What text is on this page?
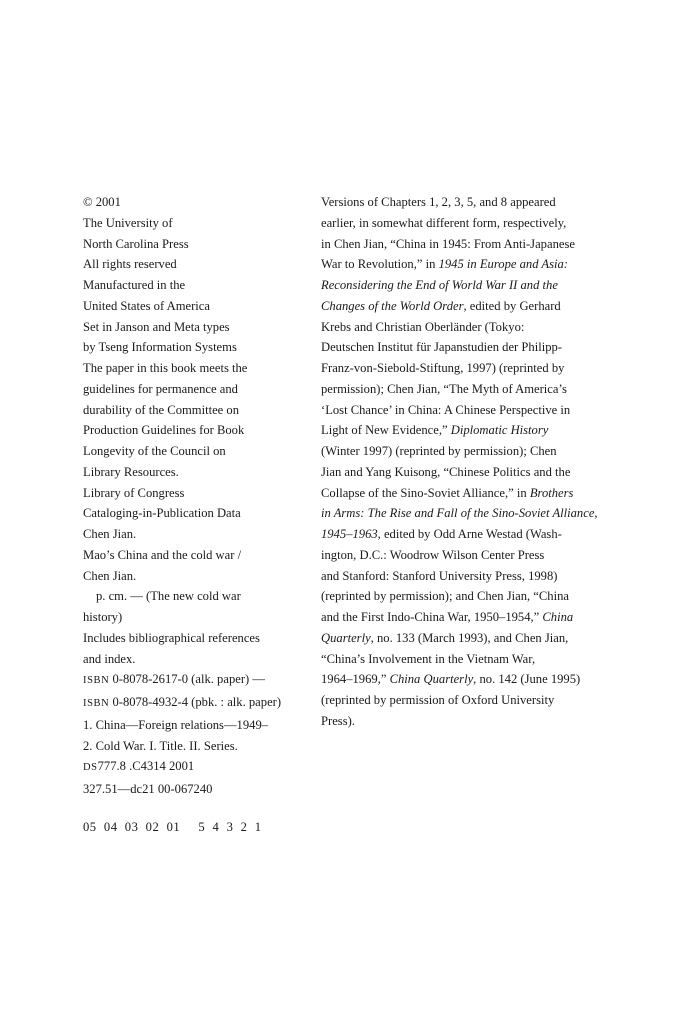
© 2001
The University of
North Carolina Press
All rights reserved
Manufactured in the
United States of America
Set in Janson and Meta types
by Tseng Information Systems
The paper in this book meets the
guidelines for permanence and
durability of the Committee on
Production Guidelines for Book
Longevity of the Council on
Library Resources.
Library of Congress
Cataloging-in-Publication Data
Chen Jian.
Mao’s China and the cold war /
Chen Jian.
p. cm. — (The new cold war
history)
Includes bibliographical references
and index.
ISBN 0-8078-2617-0 (alk. paper) —
ISBN 0-8078-4932-4 (pbk. : alk. paper)
1. China—Foreign relations—1949–
2. Cold War. I. Title. II. Series.
DS777.8 .C4314 2001
327.51—dc21 00-067240
05  04  03  02  01     5  4  3  2  1
Versions of Chapters 1, 2, 3, 5, and 8 appeared
earlier, in somewhat different form, respectively,
in Chen Jian, “China in 1945: From Anti-Japanese
War to Revolution,” in 1945 in Europe and Asia:
Reconsidering the End of World War II and the
Changes of the World Order, edited by Gerhard
Krebs and Christian Oberländer (Tokyo:
Deutschen Institut für Japanstudien der Philipp-
Franz-von-Siebold-Stiftung, 1997) (reprinted by
permission); Chen Jian, “The Myth of America’s
‘Lost Chance’ in China: A Chinese Perspective in
Light of New Evidence,” Diplomatic History
(Winter 1997) (reprinted by permission); Chen
Jian and Yang Kuisong, “Chinese Politics and the
Collapse of the Sino-Soviet Alliance,” in Brothers
in Arms: The Rise and Fall of the Sino-Soviet Alliance,
1945–1963, edited by Odd Arne Westad (Wash-
ington, D.C.: Woodrow Wilson Center Press
and Stanford: Stanford University Press, 1998)
(reprinted by permission); and Chen Jian, “China
and the First Indo-China War, 1950–1954,” China
Quarterly, no. 133 (March 1993), and Chen Jian,
“China’s Involvement in the Vietnam War,
1964–1969,” China Quarterly, no. 142 (June 1995)
(reprinted by permission of Oxford University
Press).
